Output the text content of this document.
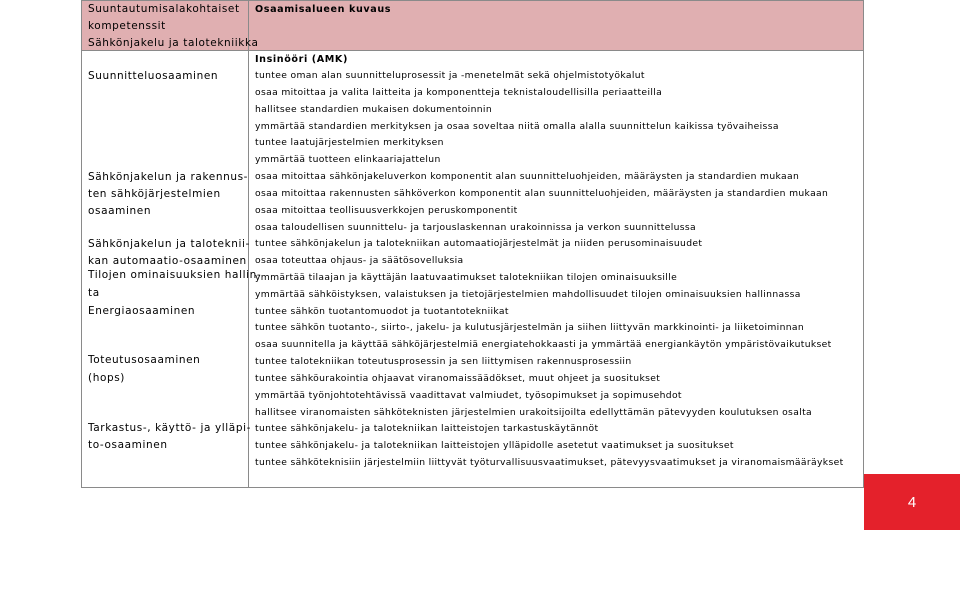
Suuntautumisalakohtaiset
kompetenssit
Sähkönjakelu ja talotekniikka
Osaamisalueen kuvaus
Insinööri (AMK)
Suunnitteluosaaminen
Sähkönjakelun ja rakennus-
ten sähköjärjestelmien
osaaminen
Sähkönjakelun ja taloteknii-
kan automaatio-osaaminen
Tilojen ominaisuuksien hallin-
ta
Energiaosaaminen
Toteutusosaaminen
(hops)
Tarkastus-, käyttö- ja ylläpi-
to-osaaminen
tuntee oman alan suunnitteluprosessit ja -menetelmät sekä ohjelmistotyökalut
osaa mitoittaa ja valita laitteita ja komponentteja teknistaloudellisilla periaatteilla
hallitsee standardien mukaisen dokumentoinnin
ymmärtää standardien merkityksen ja osaa soveltaa niitä omalla alalla suunnittelun kaikissa työvaiheissa
tuntee laatujärjestelmien merkityksen
ymmärtää tuotteen elinkaariajattelun
osaa mitoittaa sähkönjakeluverkon komponentit alan suunnitteluohjeiden, määräysten ja standardien mukaan
osaa mitoittaa rakennusten sähköverkon komponentit alan suunnitteluohjeiden, määräysten ja standardien mukaan
osaa mitoittaa teollisuusverkkojen peruskomponentit
osaa taloudellisen suunnittelu- ja tarjouslaskennan urakoinnissa ja verkon suunnittelussa
tuntee sähkönjakelun ja talotekniikan automaatiojärjestelmät ja niiden perusominaisuudet
osaa toteuttaa ohjaus- ja säätösovelluksia
ymmärtää tilaajan ja käyttäjän laatuvaatimukset talotekniikan tilojen ominaisuuksille
ymmärtää sähköistyksen, valaistuksen ja tietojärjestelmien mahdollisuudet tilojen ominaisuuksien hallinnassa
tuntee sähkön tuotantomuodot ja tuotantotekniikat
tuntee sähkön tuotanto-, siirto-, jakelu- ja kulutusjärjestelmän ja siihen liittyvän markkinointi- ja liiketoiminnan
osaa suunnitella ja käyttää sähköjärjestelmiä energiatehokkaasti ja ymmärtää energiankäytön ympäristövaikutukset
tuntee talotekniikan toteutusprosessin ja sen liittymisen rakennusprosessiin
tuntee sähköurakointia ohjaavat viranomaissäädökset, muut ohjeet ja suositukset
ymmärtää työnjohtotehtävissä vaadittavat valmiudet, työsopimukset ja sopimusehdot
hallitsee viranomaisten sähköteknisten järjestelmien urakoitsijoilta edellyttämän pätevyyden koulutuksen osalta
tuntee sähkönjakelu- ja talotekniikan laitteistojen tarkastuskäytännöt
tuntee sähkönjakelu- ja talotekniikan laitteistojen ylläpidolle asetetut vaatimukset ja suositukset
tuntee sähköteknisiin järjestelmiin liittyvät työturvallisuusvaatimukset, pätevyysvaatimukset ja viranomaismääräykset
4
